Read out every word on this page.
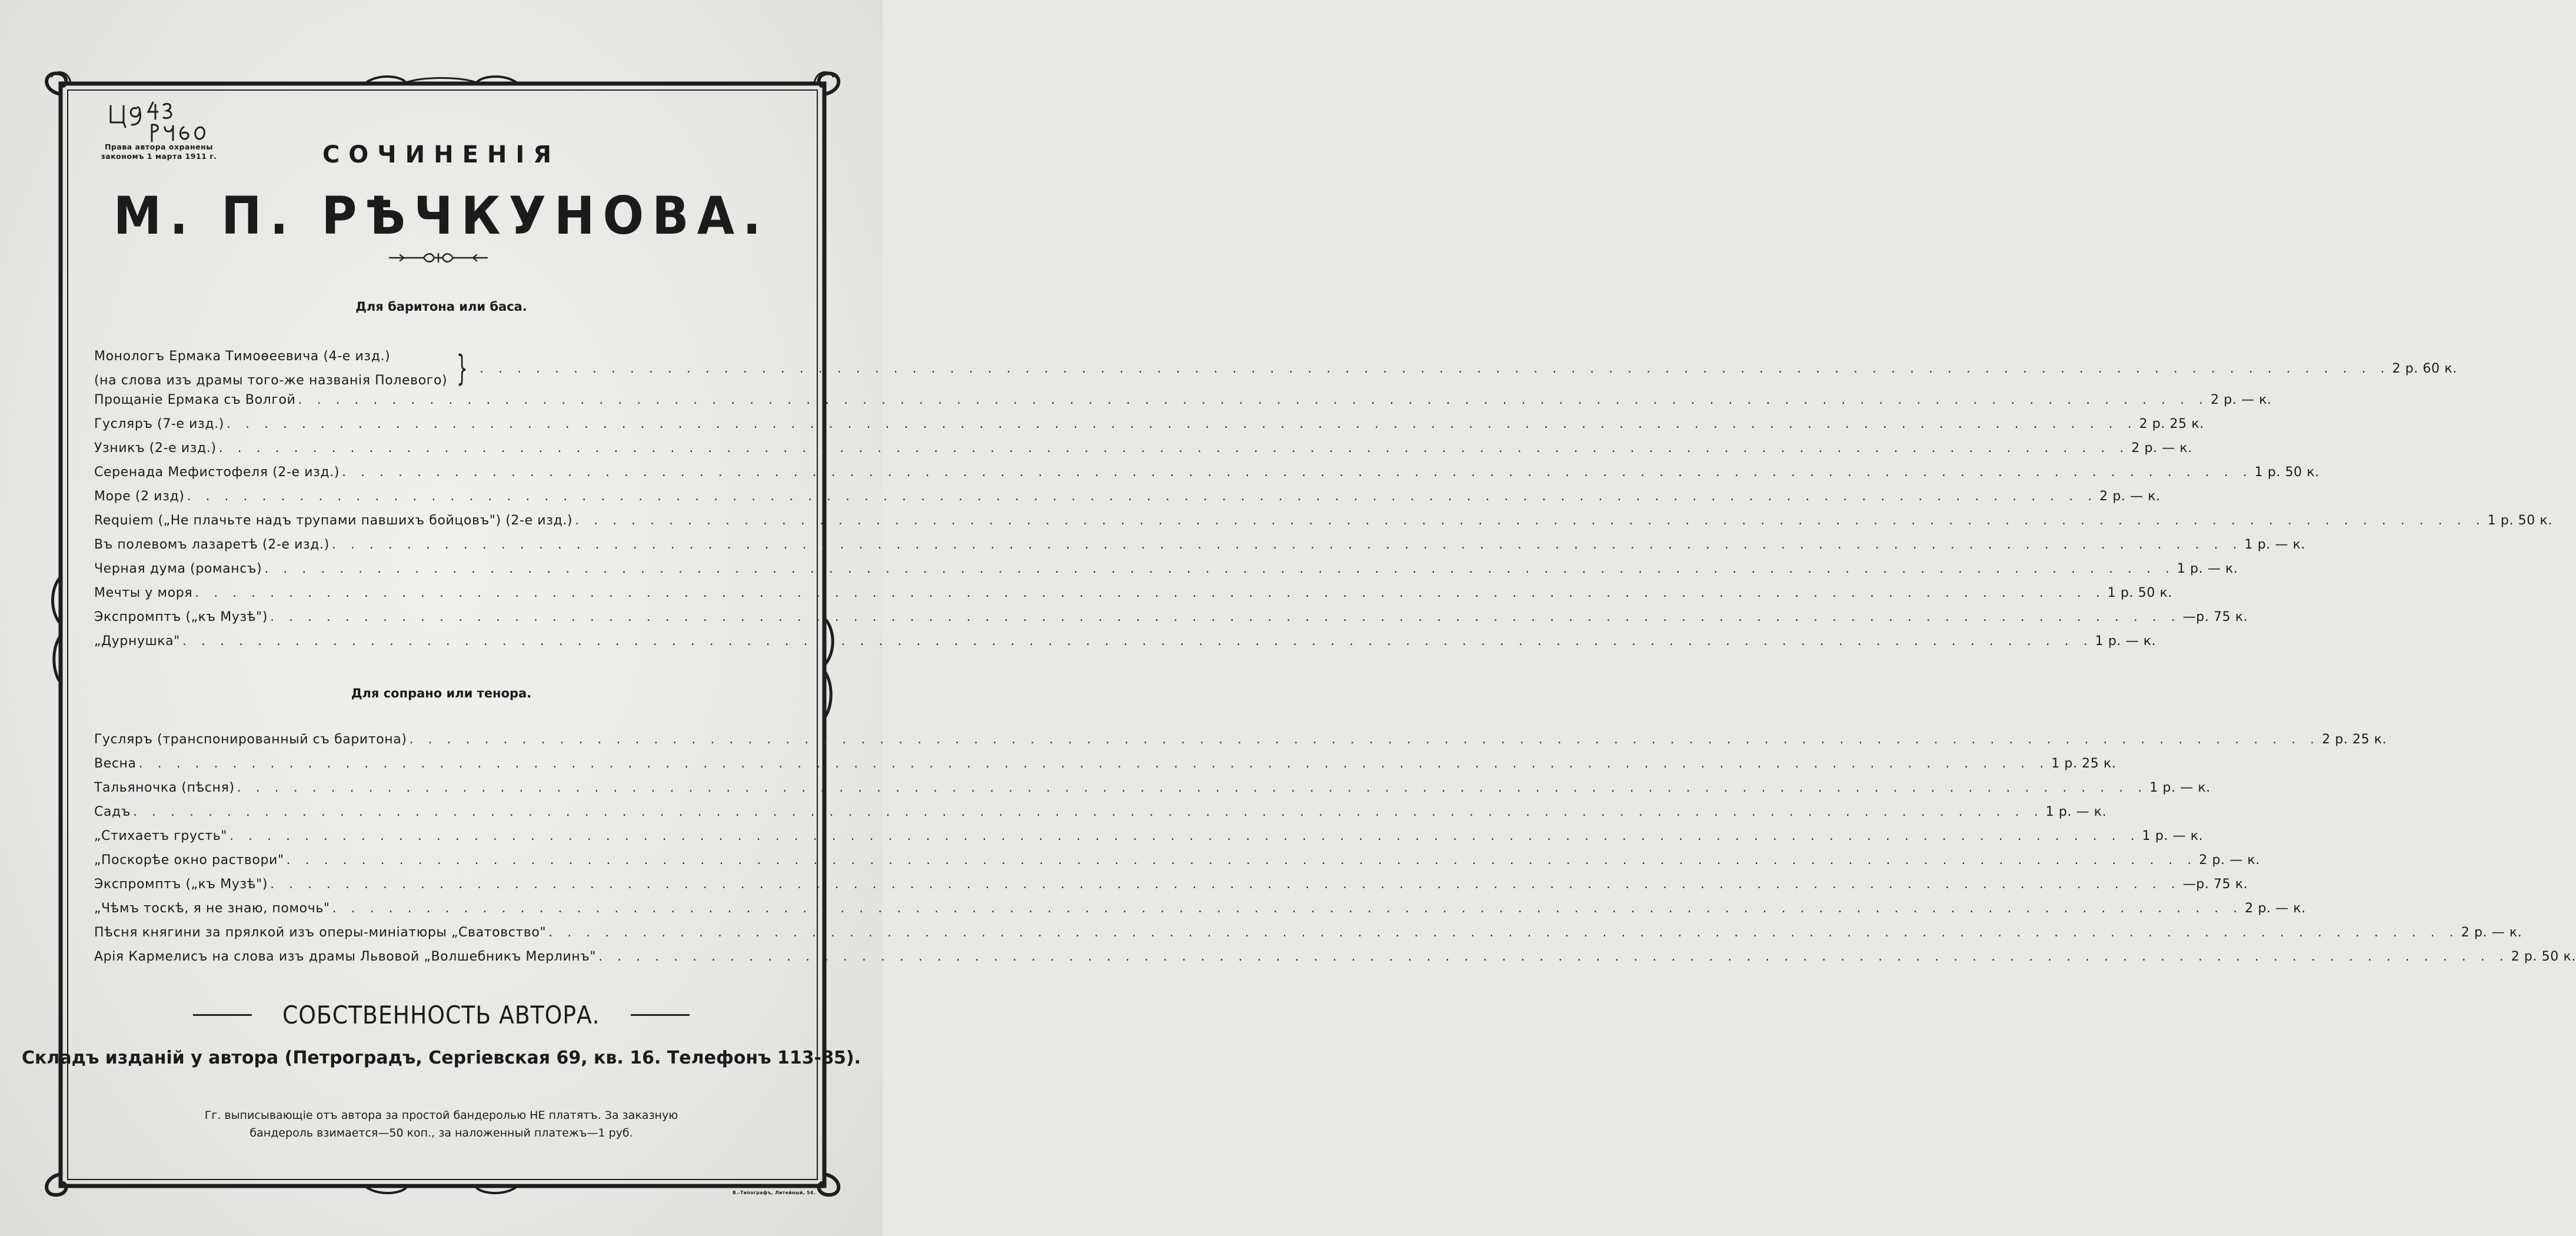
Права автора охранены
закономъ 1 марта 1911 г.	СОЧИНЕНIЯ
М. П. РѢЧКУНОВА.
Для баритона или баса.
Монологъ Ермака Тимоѳеевича (4-е изд.)
(на слова изъ драмы того-же названія Полевого) } . . . . . . . . . . . . . . . . . . . . . . . . . . . . . . . . . . . . . . . . . . . . . . . . . . . . . . . . . . . . . . . . . . . . . . . . . . . . . . . . . . . . . . . . . . . . . . . . . . . . . . 2 р. 60 к.
Прощаніе Ермака съ Волгой . . . . . . . . . . . . . . . . . . . . . . . . . . . . . . . . . . . . . . . . . . . . . . . . . . . . . . . . . . . . . . . . . . . . . . . . . . . . . . . . . . . . . . . . . . . . . . . . . . . . . . 2 р. — к.
Гусляръ (7-е изд.) . . . . . . . . . . . . . . . . . . . . . . . . . . . . . . . . . . . . . . . . . . . . . . . . . . . . . . . . . . . . . . . . . . . . . . . . . . . . . . . . . . . . . . . . . . . . . . . . . . . . . . 2 р. 25 к.
Узникъ (2-е изд.) . . . . . . . . . . . . . . . . . . . . . . . . . . . . . . . . . . . . . . . . . . . . . . . . . . . . . . . . . . . . . . . . . . . . . . . . . . . . . . . . . . . . . . . . . . . . . . . . . . . . . . 2 р. — к.
Серенада Мефистофеля (2-е изд.) . . . . . . . . . . . . . . . . . . . . . . . . . . . . . . . . . . . . . . . . . . . . . . . . . . . . . . . . . . . . . . . . . . . . . . . . . . . . . . . . . . . . . . . . . . . . . . . . . . . . . . 1 р. 50 к.
Море (2 изд) . . . . . . . . . . . . . . . . . . . . . . . . . . . . . . . . . . . . . . . . . . . . . . . . . . . . . . . . . . . . . . . . . . . . . . . . . . . . . . . . . . . . . . . . . . . . . . . . . . . . . . 2 р. — к.
Requiem („Не плачьте надъ трупами павшихъ бойцовъ") (2-е изд.) . . . . . . . . . . . . . . . . . . . . . . . . . . . . . . . . . . . . . . . . . . . . . . . . . . . . . . . . . . . . . . . . . . . . . . . . . . . . . . . . . . . . . . . . . . . . . . . . . . . . . . 1 р. 50 к.
Въ полевомъ лазаретѣ (2-е изд.) . . . . . . . . . . . . . . . . . . . . . . . . . . . . . . . . . . . . . . . . . . . . . . . . . . . . . . . . . . . . . . . . . . . . . . . . . . . . . . . . . . . . . . . . . . . . . . . . . . . . . . 1 р. — к.
Черная дума (романсъ) . . . . . . . . . . . . . . . . . . . . . . . . . . . . . . . . . . . . . . . . . . . . . . . . . . . . . . . . . . . . . . . . . . . . . . . . . . . . . . . . . . . . . . . . . . . . . . . . . . . . . . 1 р. — к.
Мечты у моря . . . . . . . . . . . . . . . . . . . . . . . . . . . . . . . . . . . . . . . . . . . . . . . . . . . . . . . . . . . . . . . . . . . . . . . . . . . . . . . . . . . . . . . . . . . . . . . . . . . . . . 1 р. 50 к.
Экспромптъ („къ Музѣ") . . . . . . . . . . . . . . . . . . . . . . . . . . . . . . . . . . . . . . . . . . . . . . . . . . . . . . . . . . . . . . . . . . . . . . . . . . . . . . . . . . . . . . . . . . . . . . . . . . . . . . —р. 75 к.
„Дурнушка" . . . . . . . . . . . . . . . . . . . . . . . . . . . . . . . . . . . . . . . . . . . . . . . . . . . . . . . . . . . . . . . . . . . . . . . . . . . . . . . . . . . . . . . . . . . . . . . . . . . . . . 1 р. — к.
Для сопрано или тенора.
Гусляръ (транспонированный съ баритона) . . . . . . . . . . . . . . . . . . . . . . . . . . . . . . . . . . . . . . . . . . . . . . . . . . . . . . . . . . . . . . . . . . . . . . . . . . . . . . . . . . . . . . . . . . . . . . . . . . . . . . 2 р. 25 к.
Весна . . . . . . . . . . . . . . . . . . . . . . . . . . . . . . . . . . . . . . . . . . . . . . . . . . . . . . . . . . . . . . . . . . . . . . . . . . . . . . . . . . . . . . . . . . . . . . . . . . . . . . 1 р. 25 к.
Тальяночка (пѣсня) . . . . . . . . . . . . . . . . . . . . . . . . . . . . . . . . . . . . . . . . . . . . . . . . . . . . . . . . . . . . . . . . . . . . . . . . . . . . . . . . . . . . . . . . . . . . . . . . . . . . . . 1 р. — к.
Садъ . . . . . . . . . . . . . . . . . . . . . . . . . . . . . . . . . . . . . . . . . . . . . . . . . . . . . . . . . . . . . . . . . . . . . . . . . . . . . . . . . . . . . . . . . . . . . . . . . . . . . . 1 р. — к.
„Стихаетъ грусть" . . . . . . . . . . . . . . . . . . . . . . . . . . . . . . . . . . . . . . . . . . . . . . . . . . . . . . . . . . . . . . . . . . . . . . . . . . . . . . . . . . . . . . . . . . . . . . . . . . . . . . 1 р. — к.
„Поскорѣе окно раствори" . . . . . . . . . . . . . . . . . . . . . . . . . . . . . . . . . . . . . . . . . . . . . . . . . . . . . . . . . . . . . . . . . . . . . . . . . . . . . . . . . . . . . . . . . . . . . . . . . . . . . . 2 р. — к.
Экспромптъ („къ Музѣ") . . . . . . . . . . . . . . . . . . . . . . . . . . . . . . . . . . . . . . . . . . . . . . . . . . . . . . . . . . . . . . . . . . . . . . . . . . . . . . . . . . . . . . . . . . . . . . . . . . . . . . —р. 75 к.
„Чѣмъ тоскѣ, я не знаю, помочь" . . . . . . . . . . . . . . . . . . . . . . . . . . . . . . . . . . . . . . . . . . . . . . . . . . . . . . . . . . . . . . . . . . . . . . . . . . . . . . . . . . . . . . . . . . . . . . . . . . . . . . 2 р. — к.
Пѣсня княгини за прялкой изъ оперы-миніатюры „Сватовство" . . . . . . . . . . . . . . . . . . . . . . . . . . . . . . . . . . . . . . . . . . . . . . . . . . . . . . . . . . . . . . . . . . . . . . . . . . . . . . . . . . . . . . . . . . . . . . . . . . . . . . 2 р. — к.
Арія Кармелисъ на слова изъ драмы Львовой „Волшебникъ Мерлинъ" . . . . . . . . . . . . . . . . . . . . . . . . . . . . . . . . . . . . . . . . . . . . . . . . . . . . . . . . . . . . . . . . . . . . . . . . . . . . . . . . . . . . . . . . . . . . . . . . . . . . . . 2 р. 50 к.
СОБСТВЕННОСТЬ АВТОРА.
Складъ изданій у автора (Петроградъ, Сергіевская 69, кв. 16. Телефонъ 113-85).
Гг. выписывающіе отъ автора за простой бандеролью НЕ платятъ. За заказную
бандероль взимается—50 коп., за наложенный платежъ—1 руб.
В.-Типографъ, Литейный, 54.
